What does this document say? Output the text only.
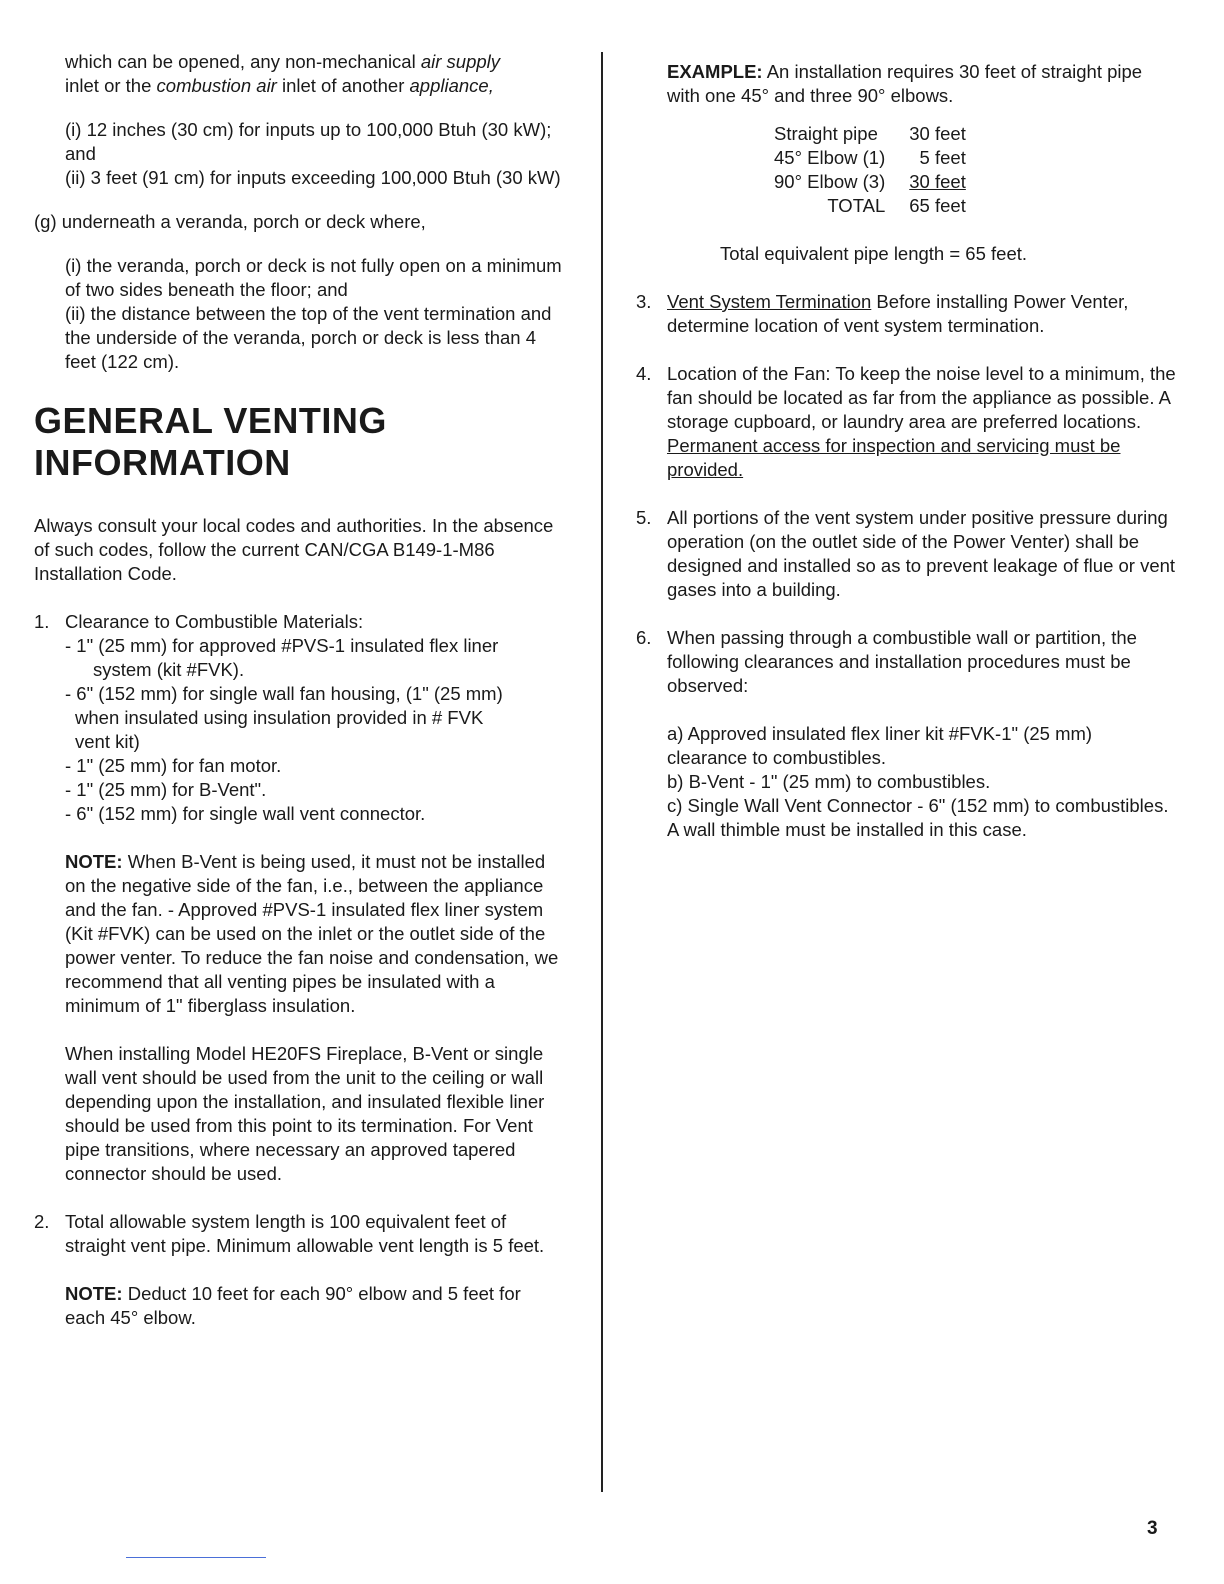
which can be opened, any non-mechanical air supply
inlet or the combustion air inlet of another appliance,

(i) 12 inches (30 cm) for inputs up to 100,000 Btuh (30 kW); and

(ii) 3 feet (91 cm) for inputs exceeding 100,000 Btuh (30 kW)

(g) underneath a veranda, porch or deck where,

(i) the veranda, porch or deck is not fully open on a minimum of two sides beneath the floor; and

(ii) the distance between the top of the vent termination and the underside of the veranda, porch or deck is less than 4 feet (122 cm).

GENERAL VENTING
INFORMATION

Always consult your local codes and authorities. In the absence of such codes, follow the current CAN/CGA B149-1-M86 Installation Code.

1. Clearance to Combustible Materials:

- 1" (25 mm) for approved #PVS-1 insulated flex liner
system (kit #FVK).

- 6" (152 mm) for single wall fan housing, (1" (25 mm)
when insulated using insulation provided in # FVK
vent kit)

- 1" (25 mm) for fan motor.

- 1" (25 mm) for B-Vent".

- 6" (152 mm) for single wall vent connector.

NOTE: When B-Vent is being used, it must not be installed on the negative side of the fan, i.e., between the appliance and the fan. - Approved #PVS-1 insulated flex liner system (Kit #FVK) can be used on the inlet or the outlet side of the power venter. To reduce the fan noise and condensation, we recommend that all venting pipes be insulated with a minimum of 1" fiberglass insulation.

When installing Model HE20FS Fireplace, B-Vent or single wall vent should be used from the unit to the ceiling or wall depending upon the installation, and insulated flexible liner should be used from this point to its termination. For Vent pipe transitions, where necessary an approved tapered connector should be used.

2. Total allowable system length is 100 equivalent feet of straight vent pipe. Minimum allowable vent length is 5 feet.

NOTE: Deduct 10 feet for each 90° elbow and 5 feet for each 45° elbow.

EXAMPLE: An installation requires 30 feet of straight pipe with one 45° and three 90° elbows.

Straight pipe	30 feet
45° Elbow (1)	5 feet
90° Elbow (3)	30 feet
TOTAL	65 feet

Total equivalent pipe length = 65 feet.

3. Vent System Termination Before installing Power Venter, determine location of vent system termination.

4. Location of the Fan: To keep the noise level to a minimum, the fan should be located as far from the appliance as possible. A storage cupboard, or laundry area are preferred locations.

Permanent access for inspection and servicing must be provided.

5. All portions of the vent system under positive pressure during operation (on the outlet side of the Power Venter) shall be designed and installed so as to prevent leakage of flue or vent gases into a building.

6. When passing through a combustible wall or partition, the following clearances and installation procedures must be observed:

a) Approved insulated flex liner kit #FVK-1" (25 mm) clearance to combustibles.

b) B-Vent - 1" (25 mm) to combustibles.

c) Single Wall Vent Connector - 6" (152 mm) to combustibles. A wall thimble must be installed in this case.

3
